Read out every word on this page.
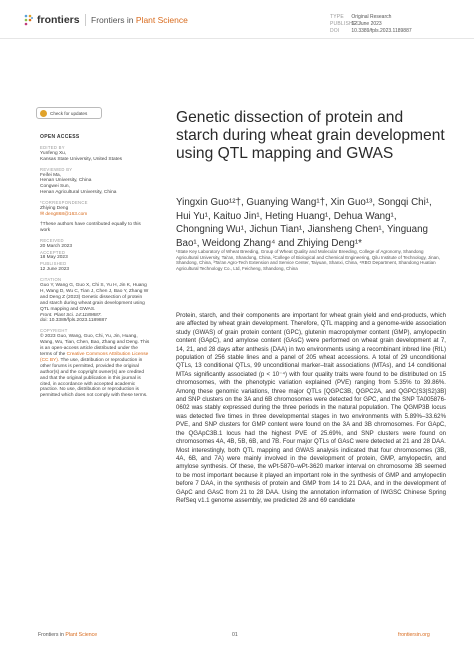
frontiers Frontiers in Plant Science	TYPE Original Research
PUBLISHED 12 June 2023
DOI 10.3389/fpls.2023.1189887
Check for updates
OPEN ACCESS
EDITED BY
Yunfeng Xu,
Kansas State University, United States
REVIEWED BY
Feifei Ma,
Henan University, China
Congwei Sun,
Henan Agricultural University, China
*CORRESPONDENCE
Zhiying Deng
✉ deng868@163.com
†These authors have contributed equally to this work
RECEIVED
20 March 2023
ACCEPTED
18 May 2023
PUBLISHED
12 June 2023
CITATION
Guo Y, Wang G, Guo X, Chi S, Yu H, Jin K, Huang H, Wang D, Wu C, Tian J, Chen J, Bao Y, Zhang W and Deng Z (2023) Genetic dissection of protein and starch during wheat grain development using QTL mapping and GWAS.
Front. Plant Sci. 14:1189887.
doi: 10.3389/fpls.2023.1189887
COPYRIGHT
© 2023 Guo, Wang, Guo, Chi, Yu, Jin, Huang, Wang, Wu, Tian, Chen, Bao, Zhang and Deng. This is an open-access article distributed under the terms of the Creative Commons Attribution License (CC BY). The use, distribution or reproduction in other forums is permitted, provided the original author(s) and the copyright owner(s) are credited and that the original publication in this journal is cited, in accordance with accepted academic practice. No use, distribution or reproduction is permitted which does not comply with these terms.
Genetic dissection of protein and starch during wheat grain development using QTL mapping and GWAS
Yingxin Guo¹²†, Guanying Wang¹†, Xin Guo¹³, Songqi Chi¹, Hui Yu¹, Kaituo Jin¹, Heting Huang¹, Dehua Wang¹, Chongning Wu¹, Jichun Tian¹, Jiansheng Chen¹, Yinguang Bao¹, Weidong Zhang⁴ and Zhiying Deng¹*
¹State Key Laboratory of Wheat Breeding, Group of Wheat Quality and Molecular Breeding, College of Agronomy, Shandong Agricultural University, Tai'an, Shandong, China, ²College of Biological and Chemical Engineering, Qilu Institute of Technology, Jinan, Shandong, China, ³Tai'an Agro-Tech Extension and Service Center, Taiyuan, Shanxi, China, ⁴RBO Department, Shandong Huatian Agricultural Technology Co., Ltd, Feicheng, Shandong, China
Protein, starch, and their components are important for wheat grain yield and end-products, which are affected by wheat grain development. Therefore, QTL mapping and a genome-wide association study (GWAS) of grain protein content (GPC), glutenin macropolymer content (GMP), amylopectin content (GApC), and amylose content (GAsC) were performed on wheat grain development at 7, 14, 21, and 28 days after anthesis (DAA) in two environments using a recombinant inbred line (RIL) population of 256 stable lines and a panel of 205 wheat accessions. A total of 29 unconditional QTLs, 13 conditional QTLs, 99 unconditional marker–trait associations (MTAs), and 14 conditional MTAs significantly associated (p < 10⁻⁴) with four quality traits were found to be distributed on 15 chromosomes, with the phenotypic variation explained (PVE) ranging from 5.35% to 39.86%. Among these genomic variations, three major QTLs [QGPC3B, QGPC2A, and QGPC(S3|S2)3B] and SNP clusters on the 3A and 6B chromosomes were detected for GPC, and the SNP TA005876-0602 was stably expressed during the three periods in the natural population. The QGMP3B locus was detected five times in three developmental stages in two environments with 5.89%–33.62% PVE, and SNP clusters for GMP content were found on the 3A and 3B chromosomes. For GApC, the QGApC3B.1 locus had the highest PVE of 25.69%, and SNP clusters were found on chromosomes 4A, 4B, 5B, 6B, and 7B. Four major QTLs of GAsC were detected at 21 and 28 DAA. Most interestingly, both QTL mapping and GWAS analysis indicated that four chromosomes (3B, 4A, 6B, and 7A) were mainly involved in the development of protein, GMP, amylopectin, and amylose synthesis. Of these, the wPt-5870–wPt-3620 marker interval on chromosome 3B seemed to be most important because it played an important role in the synthesis of GMP and amylopectin before 7 DAA, in the synthesis of protein and GMP from 14 to 21 DAA, and in the development of GApC and GAsC from 21 to 28 DAA. Using the annotation information of IWGSC Chinese Spring RefSeq v1.1 genome assembly, we predicted 28 and 69 candidate
Frontiers in Plant Science	01	frontiersin.org
